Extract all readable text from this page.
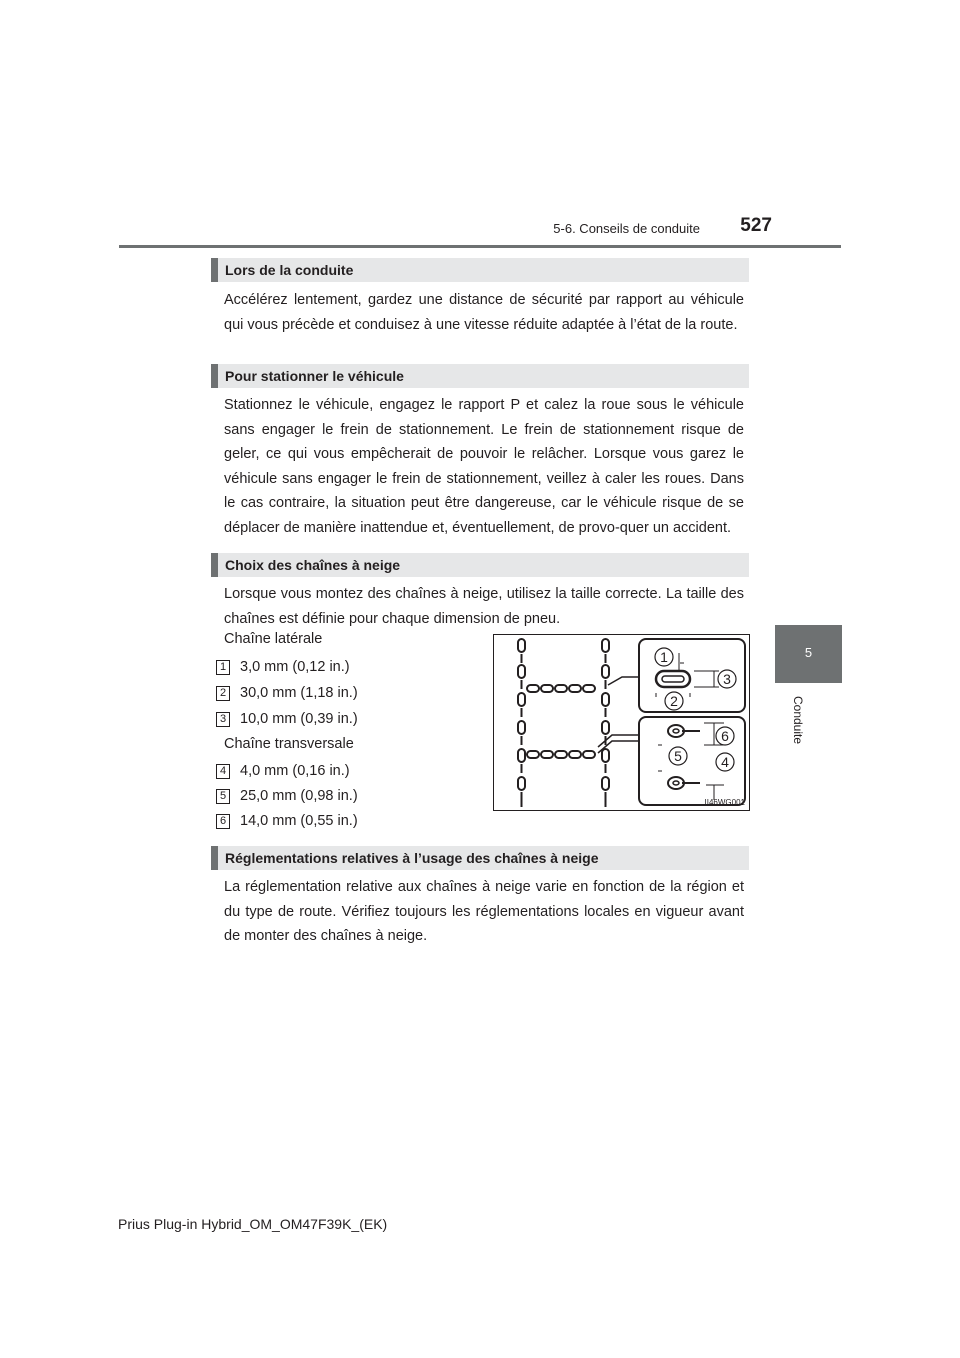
5-6. Conseils de conduite	527
5
Conduite
Lors de la conduite
Accélérez lentement, gardez une distance de sécurité par rapport au véhicule qui vous précède et conduisez à une vitesse réduite adaptée à l’état de la route.
Pour stationner le véhicule
Stationnez le véhicule, engagez le rapport P et calez la roue sous le véhicule sans engager le frein de stationnement. Le frein de stationnement risque de geler, ce qui vous empêcherait de pouvoir le relâcher. Lorsque vous garez le véhicule sans engager le frein de stationnement, veillez à caler les roues. Dans le cas contraire, la situation peut être dangereuse, car le véhicule risque de se déplacer de manière inattendue et, éventuellement, de provo-quer un accident.
Choix des chaînes à neige
Lorsque vous montez des chaînes à neige, utilisez la taille correcte. La taille des chaînes est définie pour chaque dimension de pneu.
Chaîne latérale
1 3,0 mm (0,12 in.)
2 30,0 mm (1,18 in.)
3 10,0 mm (0,39 in.)
Chaîne transversale
4 4,0 mm (0,16 in.)
5 25,0 mm (0,98 in.)
6 14,0 mm (0,55 in.)
1
2
3
4
5
6
II46WG001
Réglementations relatives à l’usage des chaînes à neige
La réglementation relative aux chaînes à neige varie en fonction de la région et du type de route. Vérifiez toujours les réglementations locales en vigueur avant de monter des chaînes à neige.
Prius Plug-in Hybrid_OM_OM47F39K_(EK)
